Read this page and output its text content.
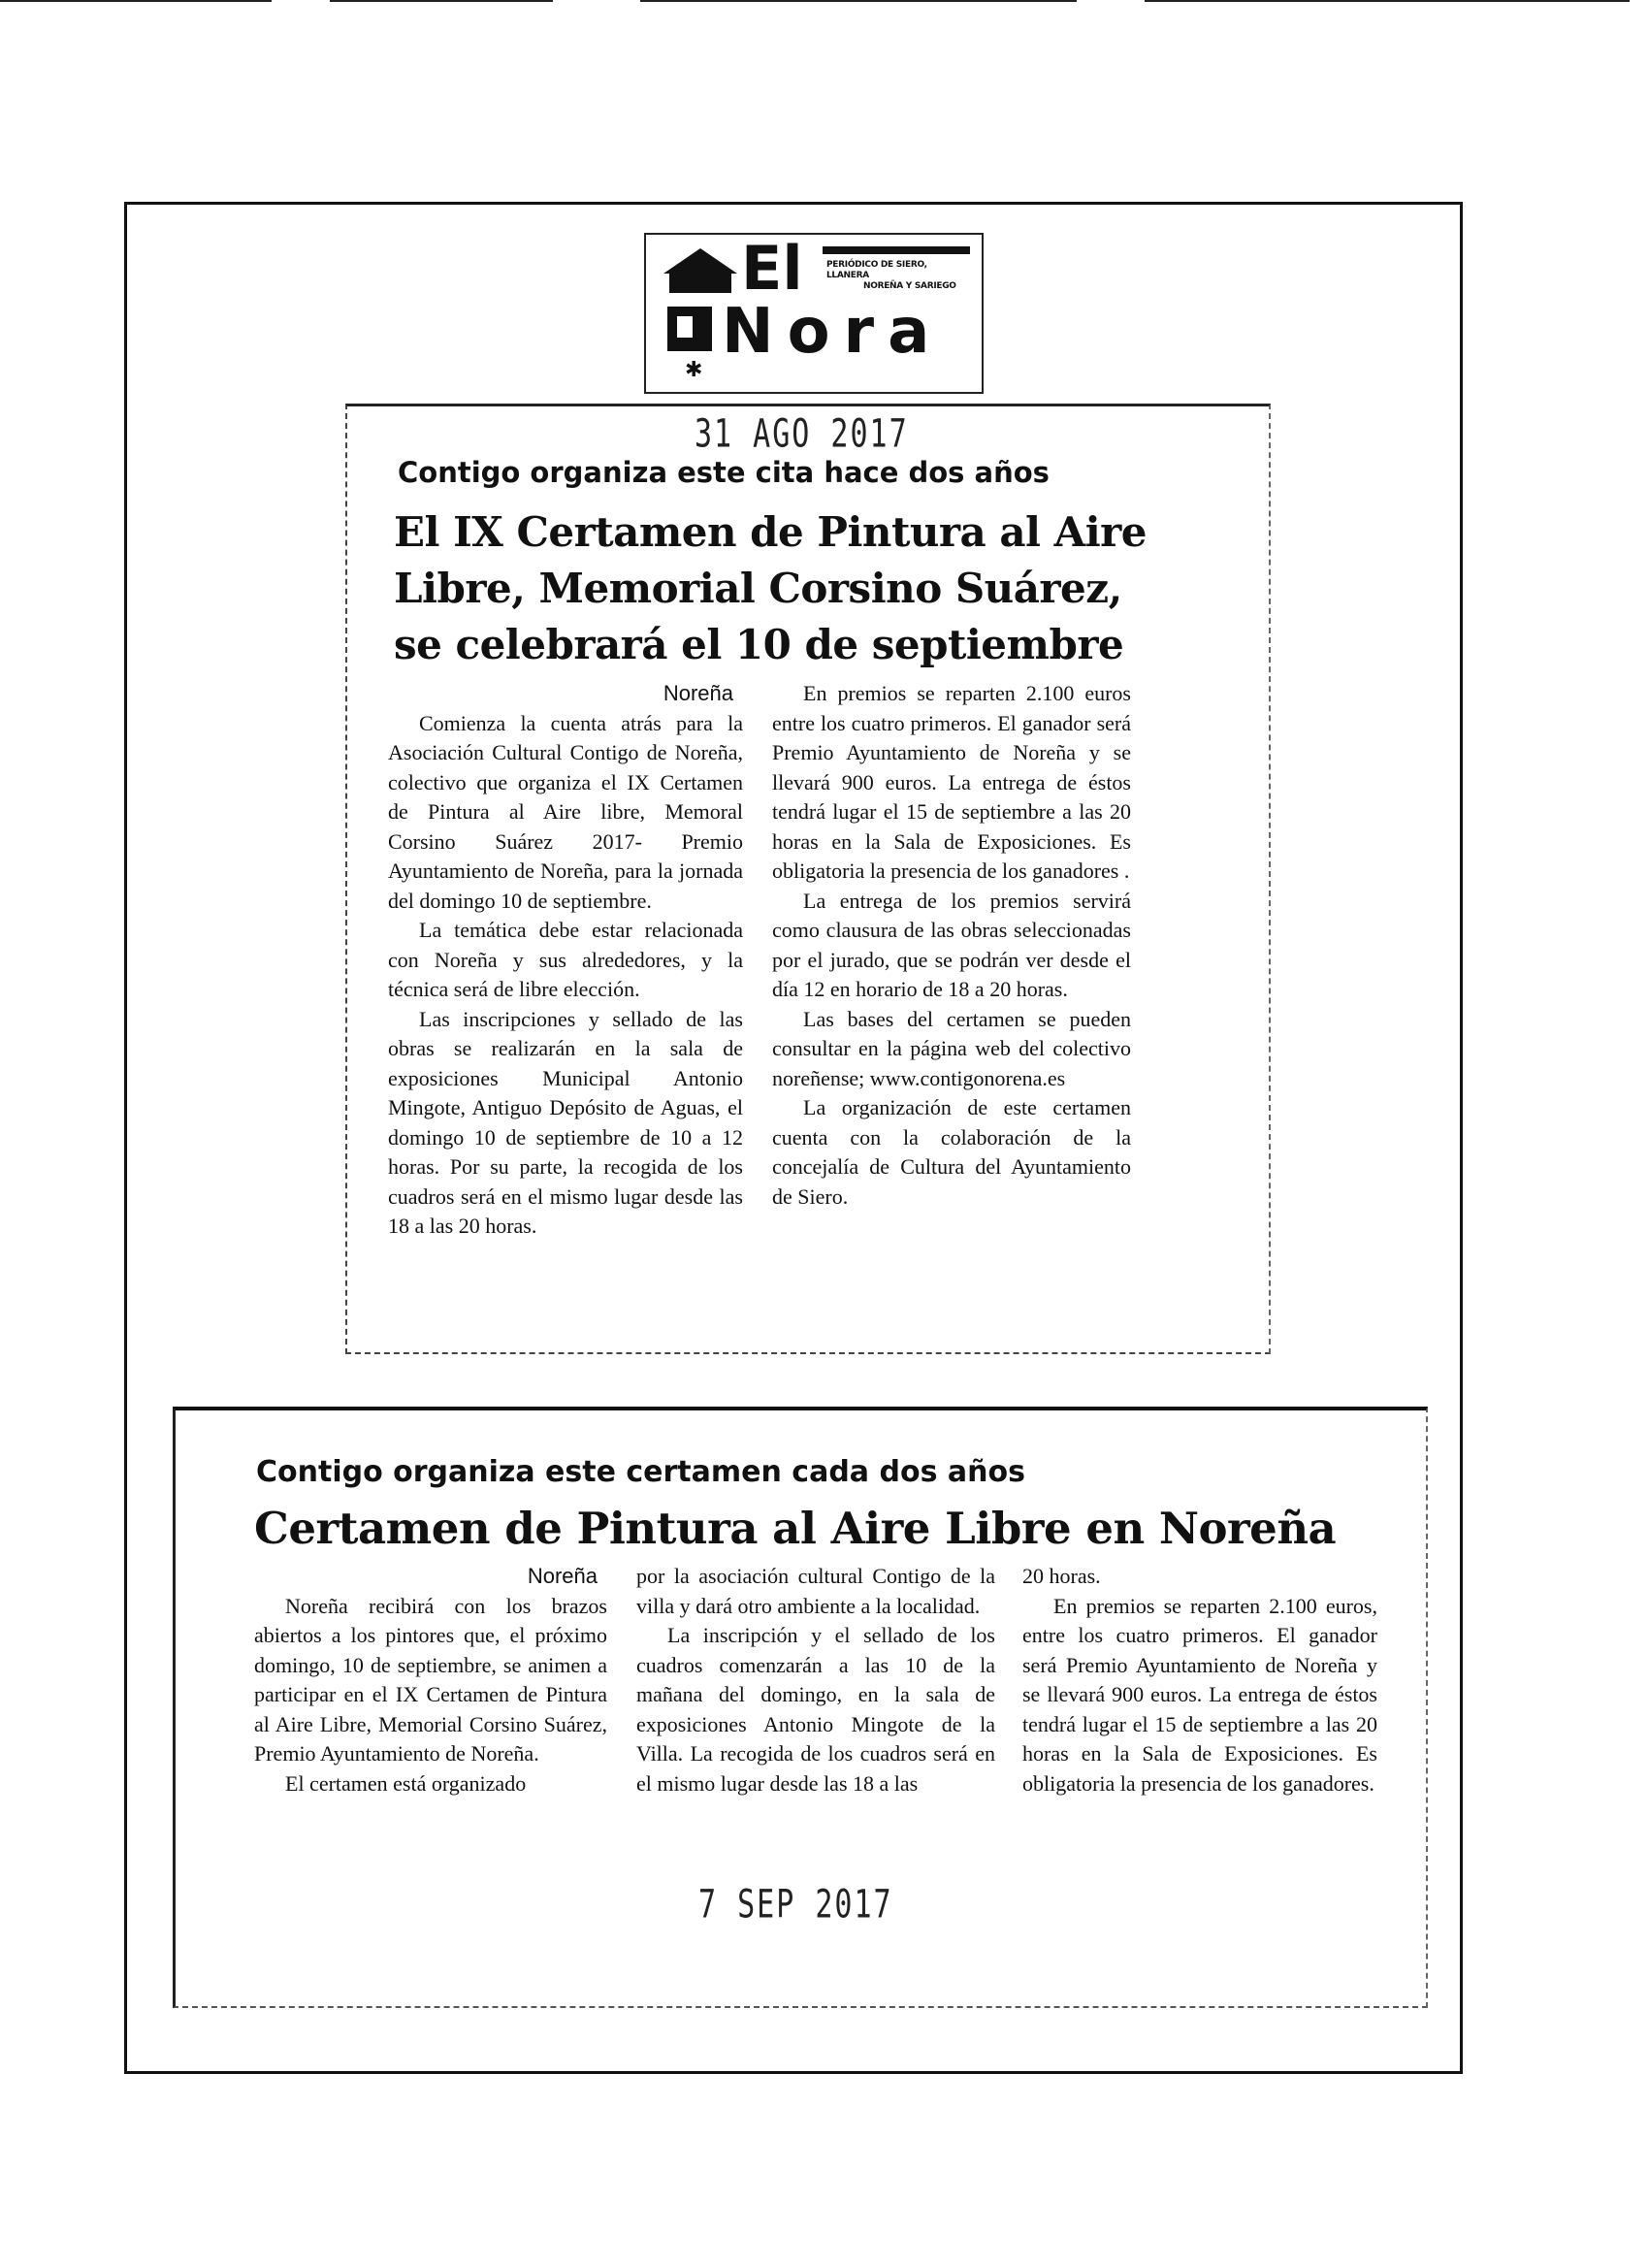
El	PERIÓDICO DE SIERO, LLANERA
NOREÑA Y SARIEGO
Nora
✱
31 AGO 2017
Contigo organiza este cita hace dos años
El IX Certamen de Pintura al Aire
Libre, Memorial Corsino Suárez,
se celebrará el 10 de septiembre
Noreña

Comienza la cuenta atrás para la Asociación Cultural Contigo de Noreña, colectivo que organiza el IX Certamen de Pintura al Aire libre, Memoral Corsino Suárez 2017- Premio Ayuntamiento de Noreña, para la jornada del domingo 10 de septiembre.

La temática debe estar relacionada con Noreña y sus alrededores, y la técnica será de libre elección.

Las inscripciones y sellado de las obras se realizarán en la sala de exposiciones Municipal Antonio Mingote, Antiguo Depósito de Aguas, el domingo 10 de septiembre de 10 a 12 horas. Por su parte, la recogida de los cuadros será en el mismo lugar desde las 18 a las 20 horas.

En premios se reparten 2.100 euros entre los cuatro primeros. El ganador será Premio Ayuntamiento de Noreña y se llevará 900 euros. La entrega de éstos tendrá lugar el 15 de septiembre a las 20 horas en la Sala de Exposiciones. Es obligatoria la presencia de los ganadores .

La entrega de los premios servirá como clausura de las obras seleccionadas por el jurado, que se podrán ver desde el día 12 en horario de 18 a 20 horas.

Las bases del certamen se pueden consultar en la página web del colectivo noreñense; www.contigonorena.es

La organización de este certamen cuenta con la colaboración de la concejalía de Cultura del Ayuntamiento de Siero.

Contigo organiza este certamen cada dos años
Certamen de Pintura al Aire Libre en Noreña
Noreña

Noreña recibirá con los brazos abiertos a los pintores que, el próximo domingo, 10 de septiembre, se animen a participar en el IX Certamen de Pintura al Aire Libre, Memorial Corsino Suárez, Premio Ayuntamiento de Noreña.

El certamen está organizado

por la asociación cultural Contigo de la villa y dará otro ambiente a la localidad.

La inscripción y el sellado de los cuadros comenzarán a las 10 de la mañana del domingo, en la sala de exposiciones Antonio Mingote de la Villa. La recogida de los cuadros será en el mismo lugar desde las 18 a las

20 horas.

En premios se reparten 2.100 euros, entre los cuatro primeros. El ganador será Premio Ayuntamiento de Noreña y se llevará 900 euros. La entrega de éstos tendrá lugar el 15 de septiembre a las 20 horas en la Sala de Exposiciones. Es obligatoria la presencia de los ganadores.

7 SEP 2017
